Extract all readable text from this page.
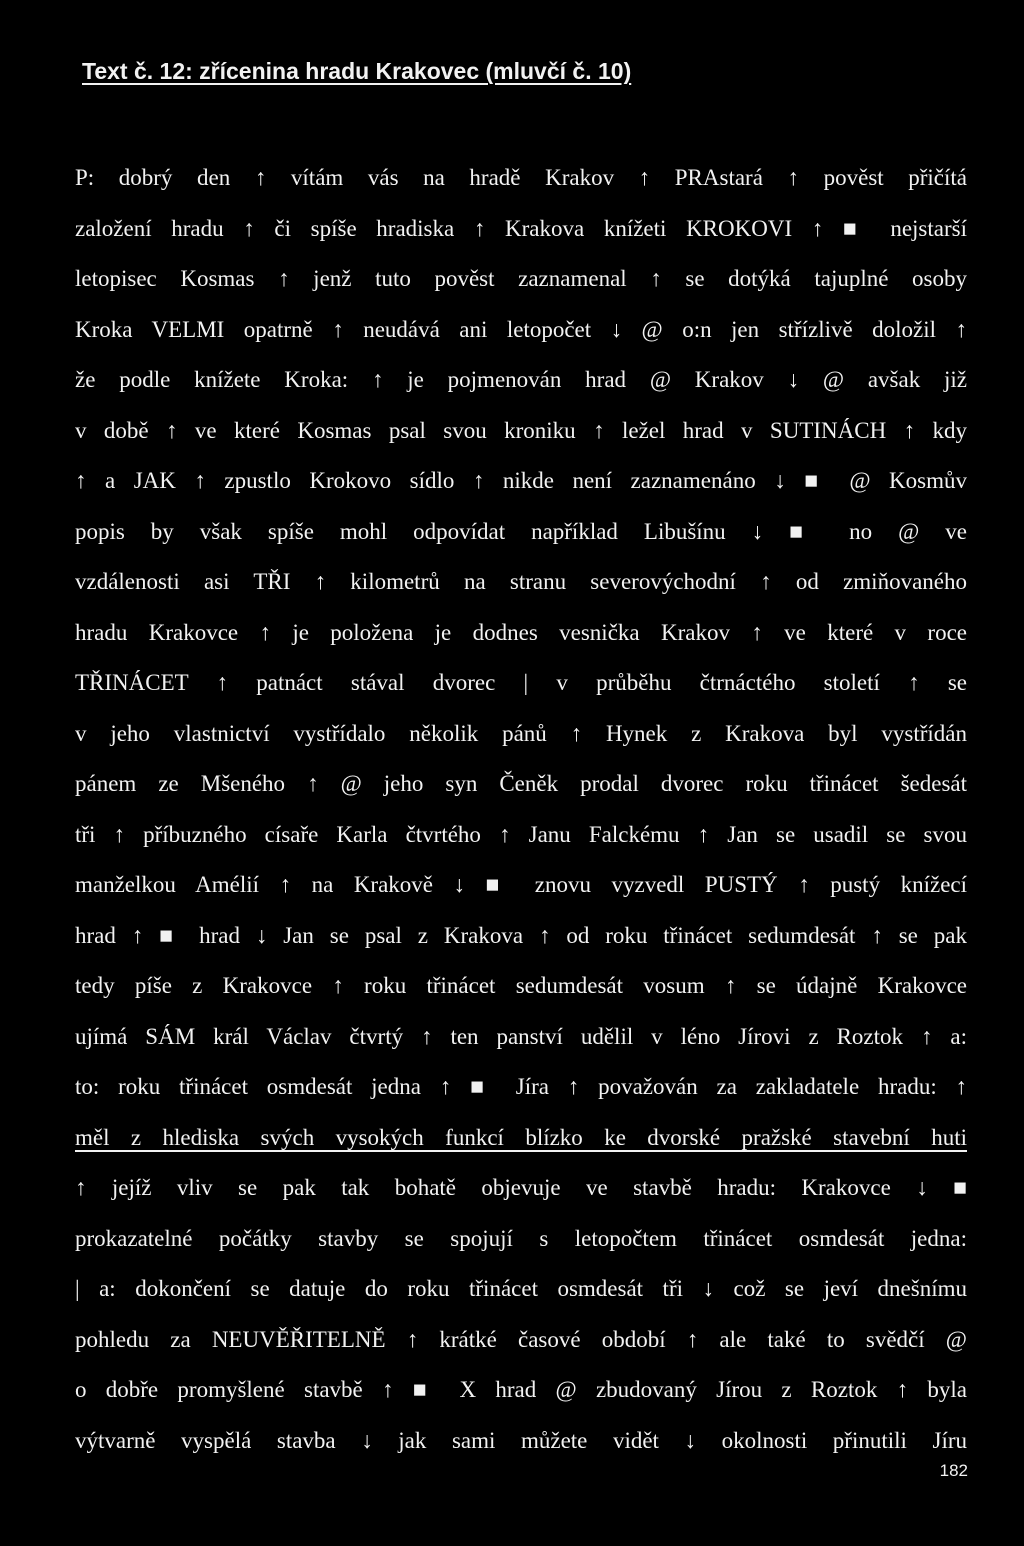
Text č. 12: zřícenina hradu Krakovec (mluvčí č. 10)
P: dobrý den ↑ vítám vás na hradě Krakov ↑ PRAstará ↑ pověst přičítá
založení hradu ↑ či spíše hradiska ↑ Krakova knížeti KROKOVI ↑ ■ nejstarší
letopisec Kosmas ↑ jenž tuto pověst zaznamenal ↑ se dotýká tajuplné osoby
Kroka VELMI opatrně ↑ neudává ani letopočet ↓ @ o:n jen střízlivě doložil ↑
že podle knížete Kroka: ↑ je pojmenován hrad @ Krakov ↓ @ avšak již
v době ↑ ve které Kosmas psal svou kroniku ↑ ležel hrad v SUTINÁCH ↑ kdy
↑ a JAK ↑ zpustlo Krokovo sídlo ↑ nikde není zaznamenáno ↓ ■ @ Kosmův
popis by však spíše mohl odpovídat například Libušínu ↓ ■ no @ ve
vzdálenosti asi TŘI ↑ kilometrů na stranu severovýchodní ↑ od zmiňovaného
hradu Krakovce ↑ je položena je dodnes vesnička Krakov ↑ ve které v roce
TŘINÁCET ↑ patnáct stával dvorec | v průběhu čtrnáctého století ↑ se
v jeho vlastnictví vystřídalo několik pánů ↑ Hynek z Krakova byl vystřídán
pánem ze Mšeného ↑ @ jeho syn Čeněk prodal dvorec roku třinácet šedesát
tři ↑ příbuzného císaře Karla čtvrtého ↑ Janu Falckému ↑ Jan se usadil se svou
manželkou Amélií ↑ na Krakově ↓ ■ znovu vyzvedl PUSTÝ ↑ pustý knížecí
hrad ↑ ■ hrad ↓ Jan se psal z Krakova ↑ od roku třinácet sedumdesát ↑ se pak
tedy píše z Krakovce ↑ roku třinácet sedumdesát vosum ↑ se údajně Krakovce
ujímá SÁM král Václav čtvrtý ↑ ten panství udělil v léno Jírovi z Roztok ↑ a:
to: roku třinácet osmdesát jedna ↑ ■ Jíra ↑ považován za zakladatele hradu: ↑
měl z hlediska svých vysokých funkcí blízko ke dvorské pražské stavební huti
↑ jejíž vliv se pak tak bohatě objevuje ve stavbě hradu: Krakovce ↓ ■
prokazatelné počátky stavby se spojují s letopočtem třinácet osmdesát jedna:
| a: dokončení se datuje do roku třinácet osmdesát tři ↓ což se jeví dnešnímu
pohledu za NEUVĚŘITELNĚ ↑ krátké časové období ↑ ale také to svědčí @
o dobře promyšlené stavbě ↑ ■ X hrad @ zbudovaný Jírou z Roztok ↑ byla
výtvarně vyspělá stavba ↓ jak sami můžete vidět ↓ okolnosti přinutili Jíru
182
